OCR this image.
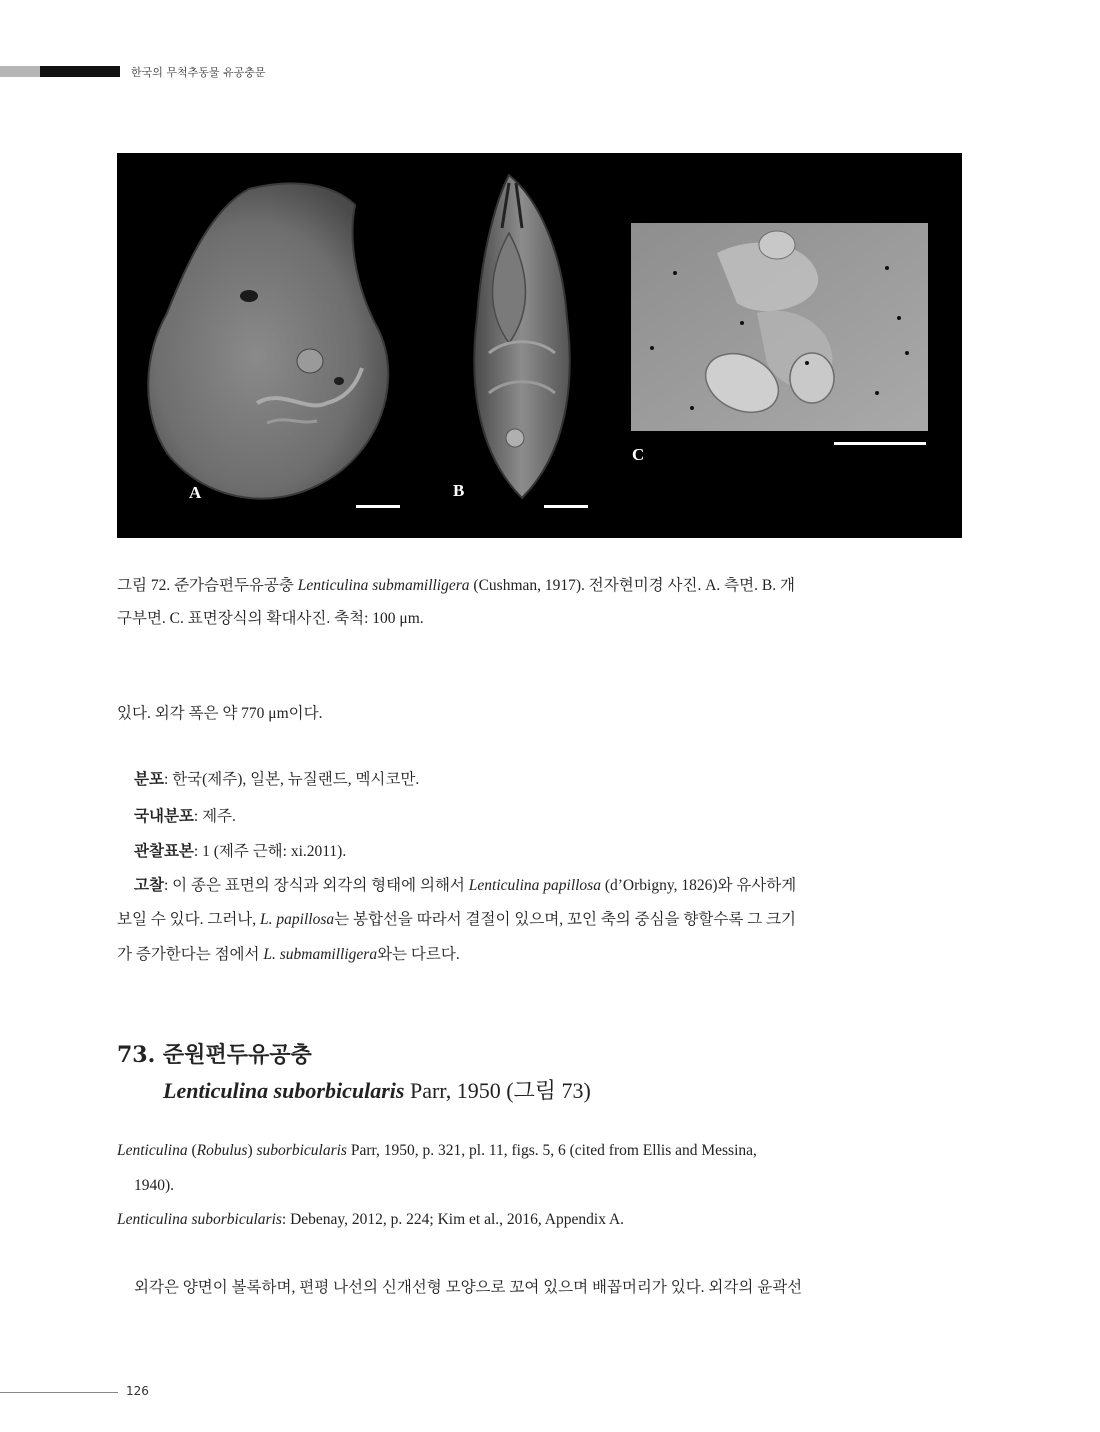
한국의 무척추동물 유공충문
A	B
C
그림 72. 준가슴편두유공충 Lenticulina submamilligera (Cushman, 1917). 전자현미경 사진. A. 측면. B. 개
구부면. C. 표면장식의 확대사진. 축척: 100 μm.
있다. 외각 폭은 약 770 μm이다.
분포: 한국(제주), 일본, 뉴질랜드, 멕시코만.
국내분포: 제주.
관찰표본: 1 (제주 근해: xi.2011).
고찰: 이 종은 표면의 장식과 외각의 형태에 의해서 Lenticulina papillosa (d’Orbigny, 1826)와 유사하게
보일 수 있다. 그러나, L. papillosa는 봉합선을 따라서 결절이 있으며, 꼬인 축의 중심을 향할수록 그 크기
가 증가한다는 점에서 L. submamilligera와는 다르다.
73. 준원편두유공충
Lenticulina suborbicularis Parr, 1950 (그림 73)
Lenticulina (Robulus) suborbicularis Parr, 1950, p. 321, pl. 11, figs. 5, 6 (cited from Ellis and Messina,
1940).
Lenticulina suborbicularis: Debenay, 2012, p. 224; Kim et al., 2016, Appendix A.
외각은 양면이 볼록하며, 편평 나선의 신개선형 모양으로 꼬여 있으며 배꼽머리가 있다. 외각의 윤곽선
126
